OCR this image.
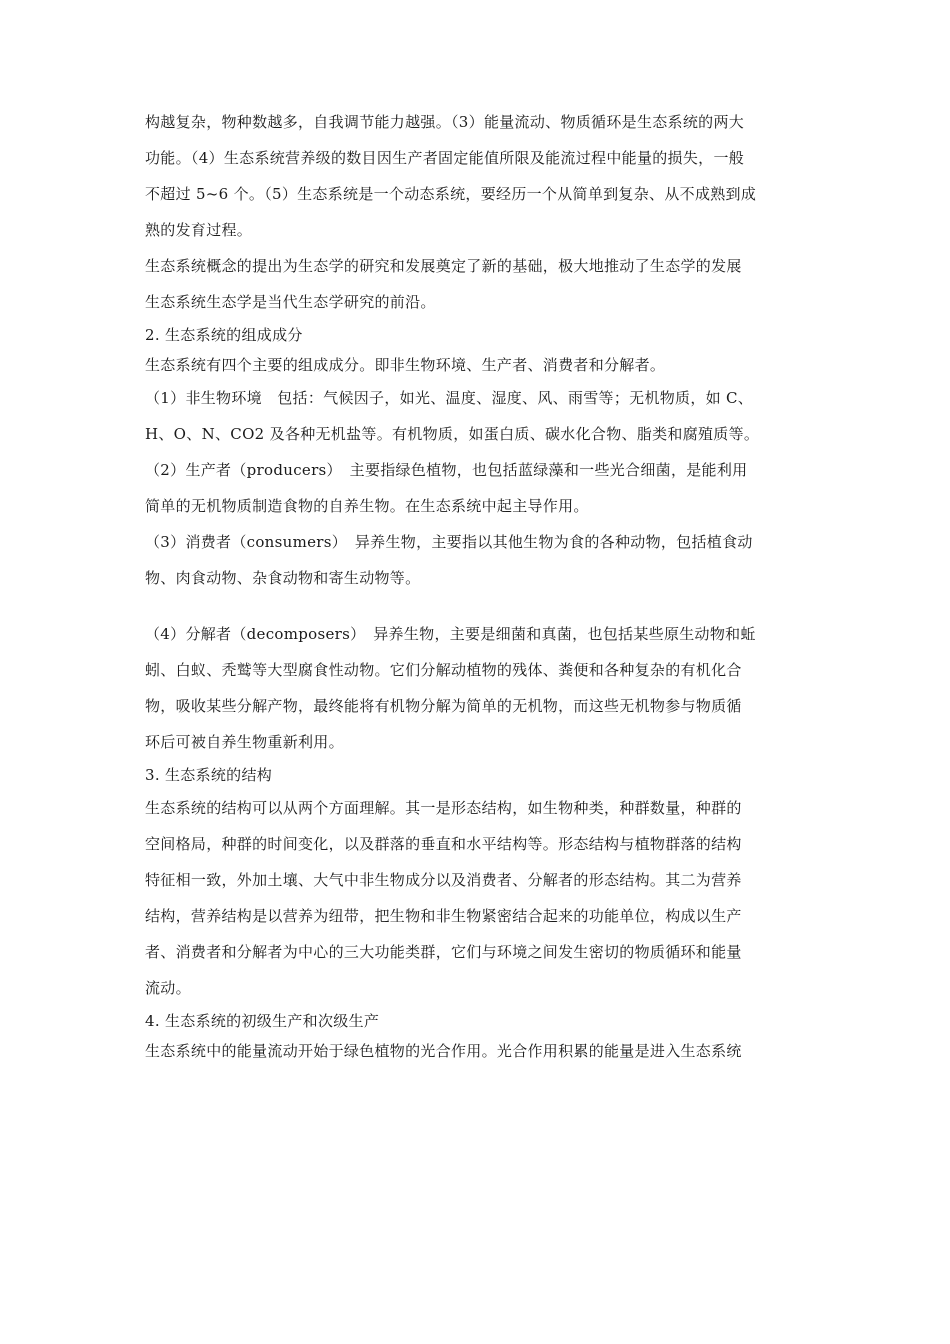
构越复杂，物种数越多，自我调节能力越强。（3）能量流动、物质循环是生态系统的两大
功能。（4）生态系统营养级的数目因生产者固定能值所限及能流过程中能量的损失，一般
不超过 5~6 个。（5）生态系统是一个动态系统，要经历一个从简单到复杂、从不成熟到成
熟的发育过程。
生态系统概念的提出为生态学的研究和发展奠定了新的基础，极大地推动了生态学的发展
生态系统生态学是当代生态学研究的前沿。
2. 生态系统的组成成分
生态系统有四个主要的组成成分。即非生物环境、生产者、消费者和分解者。
（1）非生物环境　包括：气候因子，如光、温度、湿度、风、雨雪等；无机物质，如 C、
H、O、N、CO2 及各种无机盐等。有机物质，如蛋白质、碳水化合物、脂类和腐殖质等。
（2）生产者（producers）　主要指绿色植物，也包括蓝绿藻和一些光合细菌，是能利用
简单的无机物质制造食物的自养生物。在生态系统中起主导作用。
（3）消费者（consumers）　异养生物，主要指以其他生物为食的各种动物，包括植食动
物、肉食动物、杂食动物和寄生动物等。
（4）分解者（decomposers）　异养生物，主要是细菌和真菌，也包括某些原生动物和蚯
蚓、白蚁、秃鹫等大型腐食性动物。它们分解动植物的残体、粪便和各种复杂的有机化合
物，吸收某些分解产物，最终能将有机物分解为简单的无机物，而这些无机物参与物质循
环后可被自养生物重新利用。
3. 生态系统的结构
生态系统的结构可以从两个方面理解。其一是形态结构，如生物种类，种群数量，种群的
空间格局，种群的时间变化，以及群落的垂直和水平结构等。形态结构与植物群落的结构
特征相一致，外加土壤、大气中非生物成分以及消费者、分解者的形态结构。其二为营养
结构，营养结构是以营养为纽带，把生物和非生物紧密结合起来的功能单位，构成以生产
者、消费者和分解者为中心的三大功能类群，它们与环境之间发生密切的物质循环和能量
流动。
4. 生态系统的初级生产和次级生产
生态系统中的能量流动开始于绿色植物的光合作用。光合作用积累的能量是进入生态系统
